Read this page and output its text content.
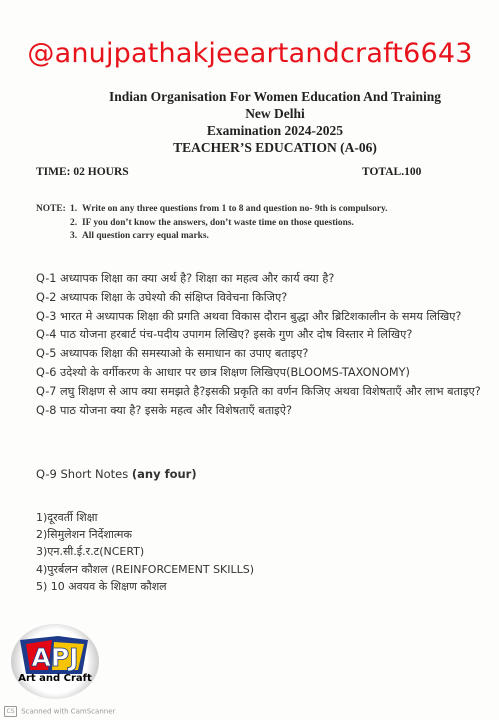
@anujpathakjeeartandcraft6643
Indian Organisation For Women Education And Training
New Delhi
Examination 2024-2025
TEACHER’S EDUCATION (A-06)
TIME: 02 HOURS	TOTAL.100
NOTE: 1. Write on any three questions from 1 to 8 and question no- 9th is compulsory.
2. IF you don’t know the answers, don’t waste time on those questions.
3. All question carry equal marks.
Q-1 अध्यापक शिक्षा का क्या अर्थ है? शिक्षा का महत्व और कार्य क्या है?
Q-2 अध्यापक शिक्षा के उघेश्यो की संक्षिप्त विवेचना किजिए?
Q-3 भारत मे अध्यापक शिक्षा की प्रगति अथवा विकास दौरान बुद्धा और ब्रिटिशकालीन के समय लिखिए?
Q-4 पाठ योजना हरबार्ट पंच-पदीय उपागम लिखिए? इसके गुण और दोष विस्तार मे लिखिए?
Q-5 अध्यापक शिक्षा की समस्याओ के समाधान का उपाए बताइए?
Q-6 उदेश्यो के वर्गीकरण के आधार पर छात्र शिक्षण लिखिएप(BLOOMS-TAXONOMY)
Q-7 लघु शिक्षण से आप क्या समझते है?इसकी प्रकृति का वर्णन किजिए अथवा विशेषताएँ और लाभ बताइए?
Q-8 पाठ योजना क्या है? इसके महत्व और विशेषताएँ बताइऐ?
Q-9 Short Notes (any four)
1)दूरवर्ती शिक्षा
2)सिमुलेशन निर्देशात्मक
3)एन.सी.ई.र.ट(NCERT)
4)पुरर्बलन कौशल (REINFORCEMENT SKILLS)
5) 10 अवयव के शिक्षण कौशल
APJ
Art and Craft
CS Scanned with CamScanner
